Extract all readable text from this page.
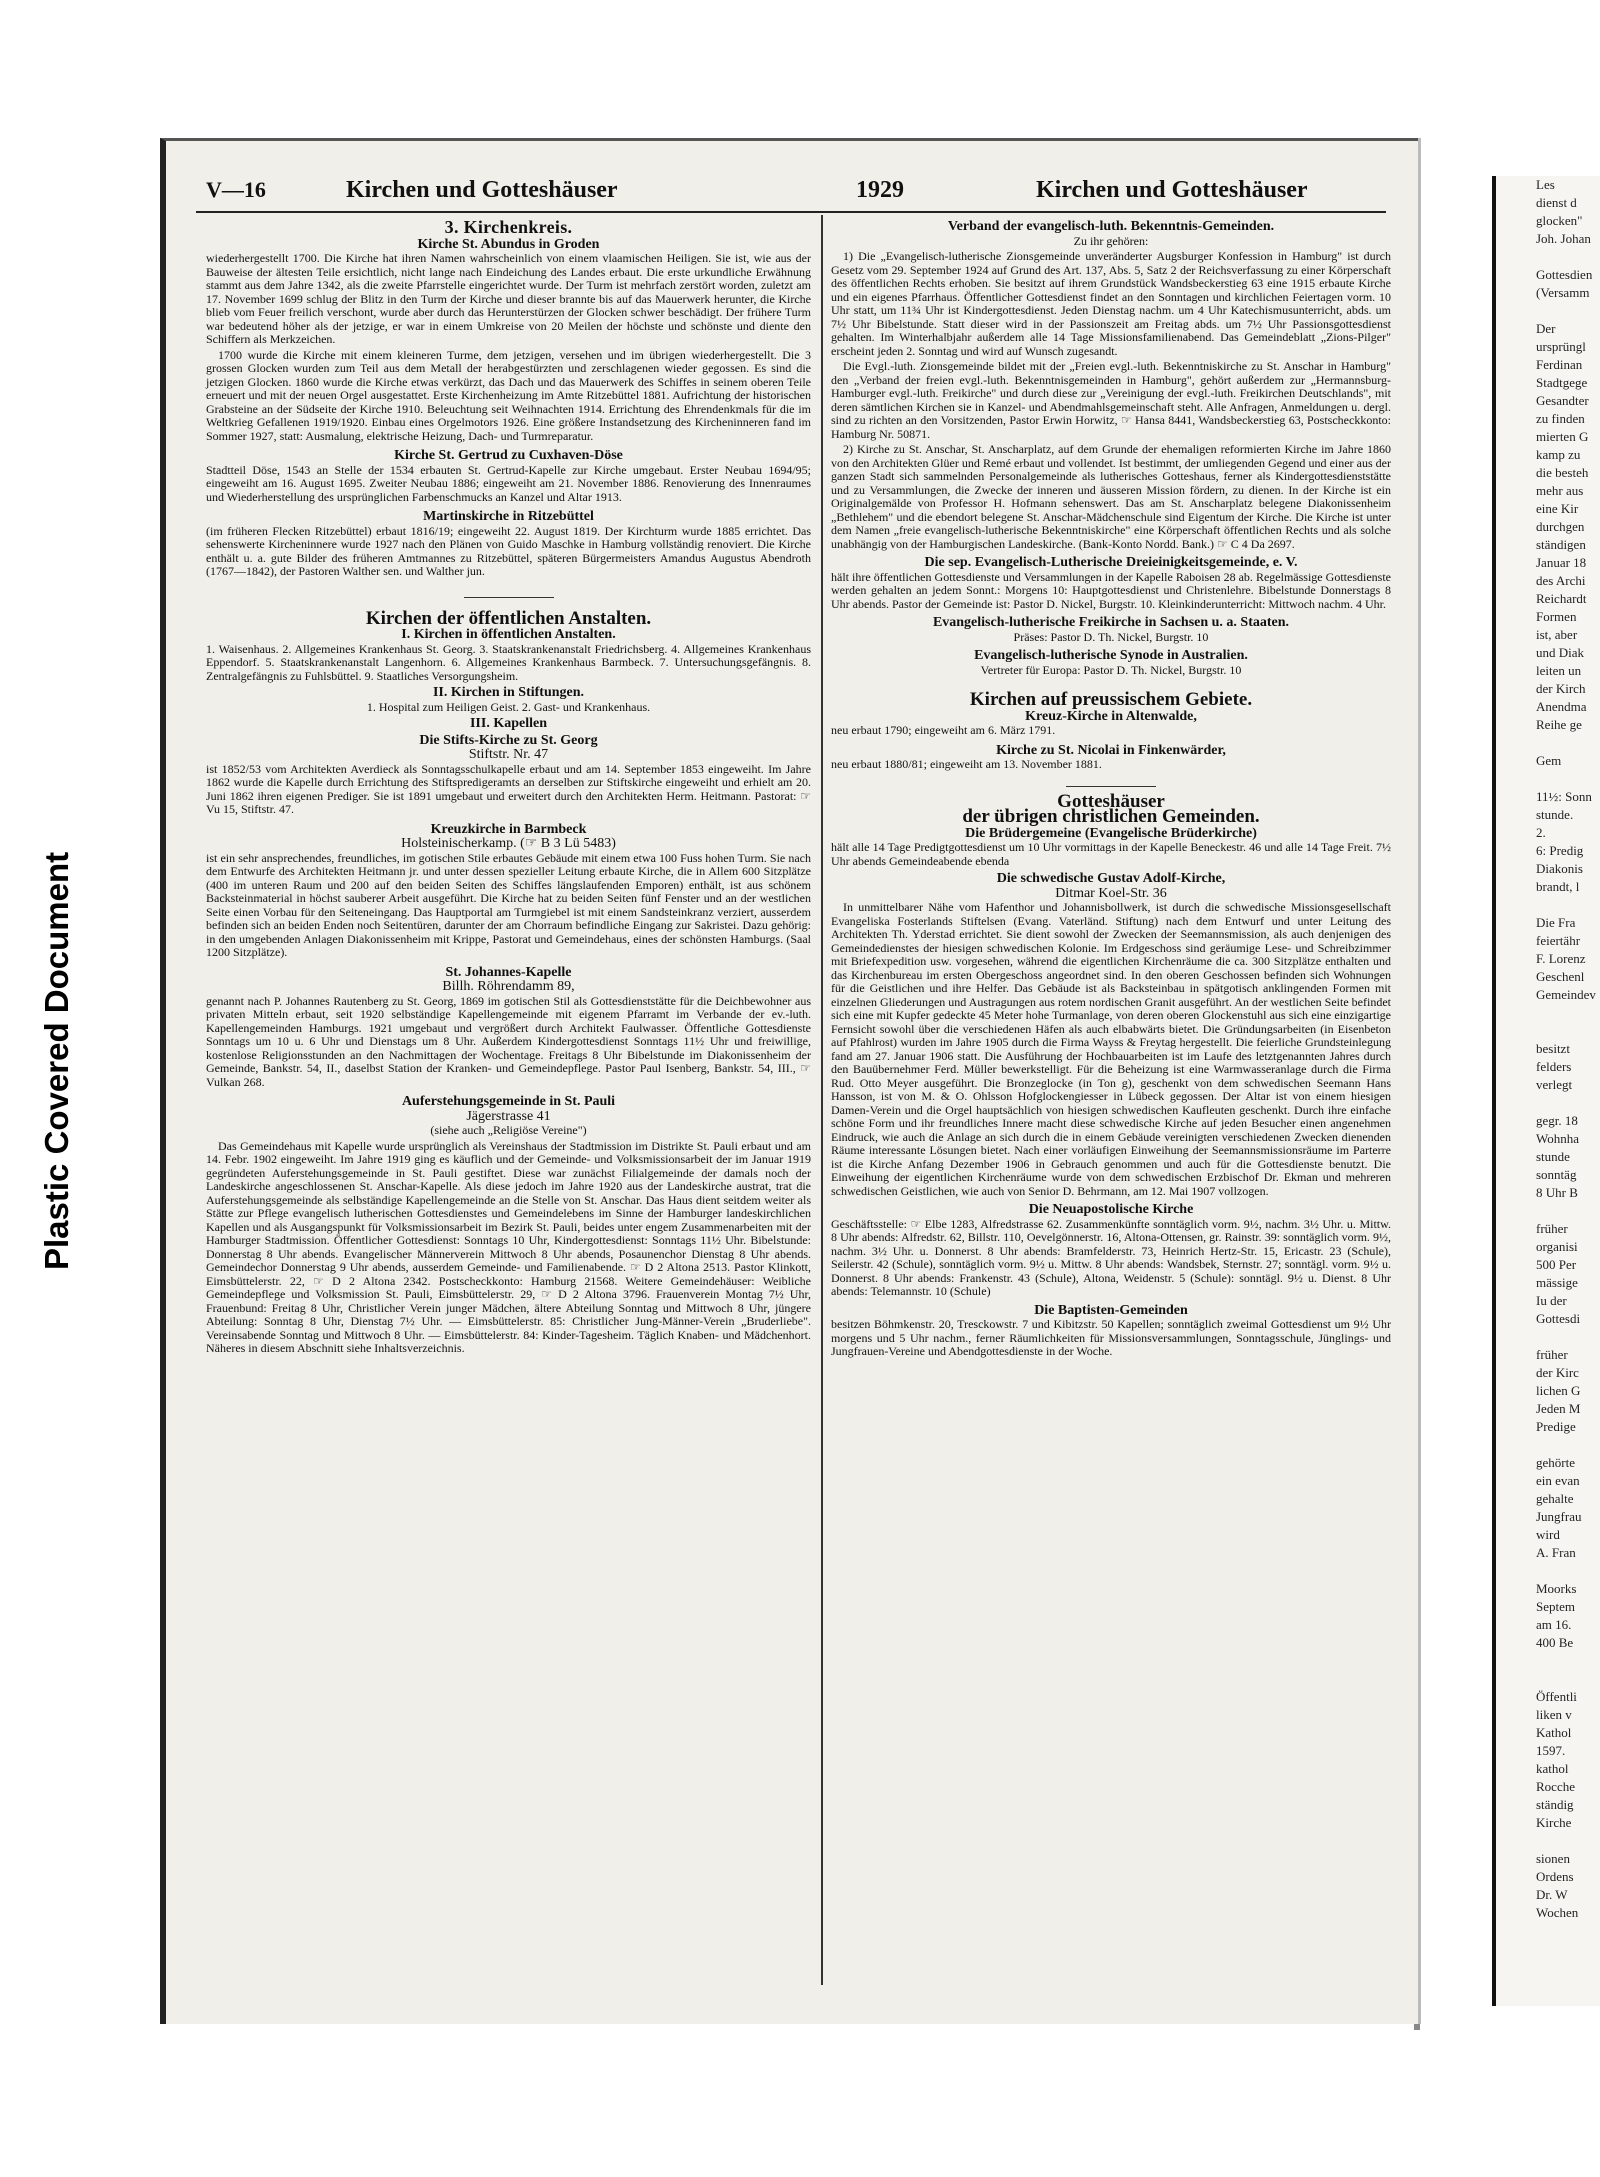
Plastic Covered Document
Les
dienst d
glocken"
Joh. Johan

Gottesdien
(Versamm

Der
ursprüngl
Ferdinan
Stadtgege
Gesandter
zu finden
mierten G
kamp zu
die besteh
mehr aus
eine Kir
durchgen
ständigen
Januar 18
des Archi
Reichardt
Formen
ist, aber
und Diak
leiten un
der Kirch
Anendma
Reihe ge

Gem

11½: Sonn
stunde.
2.
6: Predig
Diakonis
brandt, l

Die Fra
feiertähr
F. Lorenz
Geschenl
Gemeindev

besitzt
felders
verlegt

gegr. 18
Wohnha
stunde
sonntäg
8 Uhr B

früher
organisi
500 Per
mässige
Iu der
Gottesdi

früher
der Kirc
lichen G
Jeden M
Predige

gehörte
ein evan
gehalte
Jungfrau
wird
A. Fran

Moorks
Septem
am 16.
400 Be

Öffentli
liken v
Kathol
1597.
kathol
Rocche
ständig
Kirche

sionen
Ordens
Dr. W
Wochen
V—16	Kirchen und Gotteshäuser	1929	Kirchen und Gotteshäuser
3. Kirchenkreis.
Kirche St. Abundus in Groden

wiederhergestellt 1700. Die Kirche hat ihren Namen wahrscheinlich von einem vlaamischen Heiligen. Sie ist, wie aus der Bauweise der ältesten Teile ersichtlich, nicht lange nach Eindeichung des Landes erbaut. Die erste urkundliche Erwähnung stammt aus dem Jahre 1342, als die zweite Pfarrstelle eingerichtet wurde. Der Turm ist mehrfach zerstört worden, zuletzt am 17. November 1699 schlug der Blitz in den Turm der Kirche und dieser brannte bis auf das Mauerwerk herunter, die Kirche blieb vom Feuer freilich verschont, wurde aber durch das Herunterstürzen der Glocken schwer beschädigt. Der frühere Turm war bedeutend höher als der jetzige, er war in einem Umkreise von 20 Meilen der höchste und schönste und diente den Schiffern als Merkzeichen.

1700 wurde die Kirche mit einem kleineren Turme, dem jetzigen, versehen und im übrigen wiederhergestellt. Die 3 grossen Glocken wurden zum Teil aus dem Metall der herabgestürzten und zerschlagenen wieder gegossen. Es sind die jetzigen Glocken. 1860 wurde die Kirche etwas verkürzt, das Dach und das Mauerwerk des Schiffes in seinem oberen Teile erneuert und mit der neuen Orgel ausgestattet. Erste Kirchenheizung im Amte Ritzebüttel 1881. Aufrichtung der historischen Grabsteine an der Südseite der Kirche 1910. Beleuchtung seit Weihnachten 1914. Errichtung des Ehrendenkmals für die im Weltkrieg Gefallenen 1919/1920. Einbau eines Orgelmotors 1926. Eine größere Instandsetzung des Kircheninneren fand im Sommer 1927, statt: Ausmalung, elektrische Heizung, Dach- und Turmreparatur.

Kirche St. Gertrud zu Cuxhaven-Döse

Stadtteil Döse, 1543 an Stelle der 1534 erbauten St. Gertrud-Kapelle zur Kirche umgebaut. Erster Neubau 1694/95; eingeweiht am 16. August 1695. Zweiter Neubau 1886; eingeweiht am 21. November 1886. Renovierung des Innenraumes und Wiederherstellung des ursprünglichen Farbenschmucks an Kanzel und Altar 1913.

Martinskirche in Ritzebüttel

(im früheren Flecken Ritzebüttel) erbaut 1816/19; eingeweiht 22. August 1819. Der Kirchturm wurde 1885 errichtet. Das sehenswerte Kircheninnere wurde 1927 nach den Plänen von Guido Maschke in Hamburg vollständig renoviert. Die Kirche enthält u. a. gute Bilder des früheren Amtmannes zu Ritzebüttel, späteren Bürgermeisters Amandus Augustus Abendroth (1767—1842), der Pastoren Walther sen. und Walther jun.

Kirchen der öffentlichen Anstalten.
I. Kirchen in öffentlichen Anstalten.

1. Waisenhaus. 2. Allgemeines Krankenhaus St. Georg. 3. Staatskrankenanstalt Friedrichsberg. 4. Allgemeines Krankenhaus Eppendorf. 5. Staatskrankenanstalt Langenhorn. 6. Allgemeines Krankenhaus Barmbeck. 7. Untersuchungsgefängnis. 8. Zentralgefängnis zu Fuhlsbüttel. 9. Staatliches Versorgungsheim.

II. Kirchen in Stiftungen.

1. Hospital zum Heiligen Geist. 2. Gast- und Krankenhaus.

III. Kapellen
Die Stifts-Kirche zu St. Georg
Stiftstr. Nr. 47

ist 1852/53 vom Architekten Averdieck als Sonntagsschulkapelle erbaut und am 14. September 1853 eingeweiht. Im Jahre 1862 wurde die Kapelle durch Errichtung des Stiftspredigeramts an derselben zur Stiftskirche eingeweiht und erhielt am 20. Juni 1862 ihren eigenen Prediger. Sie ist 1891 umgebaut und erweitert durch den Architekten Herm. Heitmann. Pastorat: ☞ Vu 15, Stiftstr. 47.

Kreuzkirche in Barmbeck
Holsteinischerkamp. (☞ B 3 Lü 5483)

ist ein sehr ansprechendes, freundliches, im gotischen Stile erbautes Gebäude mit einem etwa 100 Fuss hohen Turm. Sie nach dem Entwurfe des Architekten Heitmann jr. und unter dessen spezieller Leitung erbaute Kirche, die in Allem 600 Sitzplätze (400 im unteren Raum und 200 auf den beiden Seiten des Schiffes längslaufenden Emporen) enthält, ist aus schönem Backsteinmaterial in höchst sauberer Arbeit ausgeführt. Die Kirche hat zu beiden Seiten fünf Fenster und an der westlichen Seite einen Vorbau für den Seiteneingang. Das Hauptportal am Turmgiebel ist mit einem Sandsteinkranz verziert, ausserdem befinden sich an beiden Enden noch Seitentüren, darunter der am Chorraum befindliche Eingang zur Sakristei. Dazu gehörig: in den umgebenden Anlagen Diakonissenheim mit Krippe, Pastorat und Gemeindehaus, eines der schönsten Hamburgs. (Saal 1200 Sitzplätze).

St. Johannes-Kapelle
Billh. Röhrendamm 89,

genannt nach P. Johannes Rautenberg zu St. Georg, 1869 im gotischen Stil als Gottesdienststätte für die Deichbewohner aus privaten Mitteln erbaut, seit 1920 selbständige Kapellengemeinde mit eigenem Pfarramt im Verbande der ev.-luth. Kapellengemeinden Hamburgs. 1921 umgebaut und vergrößert durch Architekt Faulwasser. Öffentliche Gottesdienste Sonntags um 10 u. 6 Uhr und Dienstags um 8 Uhr. Außerdem Kindergottesdienst Sonntags 11½ Uhr und freiwillige, kostenlose Religionsstunden an den Nachmittagen der Wochentage. Freitags 8 Uhr Bibelstunde im Diakonissenheim der Gemeinde, Bankstr. 54, II., daselbst Station der Kranken- und Gemeindepflege. Pastor Paul Isenberg, Bankstr. 54, III., ☞ Vulkan 268.

Auferstehungsgemeinde in St. Pauli
Jägerstrasse 41
(siehe auch „Religiöse Vereine")

Das Gemeindehaus mit Kapelle wurde ursprünglich als Vereinshaus der Stadtmission im Distrikte St. Pauli erbaut und am 14. Febr. 1902 eingeweiht. Im Jahre 1919 ging es käuflich und der Gemeinde- und Volksmissionsarbeit der im Januar 1919 gegründeten Auferstehungsgemeinde in St. Pauli gestiftet. Diese war zunächst Filialgemeinde der damals noch der Landeskirche angeschlossenen St. Anschar-Kapelle. Als diese jedoch im Jahre 1920 aus der Landeskirche austrat, trat die Auferstehungsgemeinde als selbständige Kapellengemeinde an die Stelle von St. Anschar. Das Haus dient seitdem weiter als Stätte zur Pflege evangelisch lutherischen Gottesdienstes und Gemeindelebens im Sinne der Hamburger landeskirchlichen Kapellen und als Ausgangspunkt für Volksmissionsarbeit im Bezirk St. Pauli, beides unter engem Zusammenarbeiten mit der Hamburger Stadtmission. Öffentlicher Gottesdienst: Sonntags 10 Uhr, Kindergottesdienst: Sonntags 11½ Uhr. Bibelstunde: Donnerstag 8 Uhr abends. Evangelischer Männerverein Mittwoch 8 Uhr abends, Posaunenchor Dienstag 8 Uhr abends. Gemeindechor Donnerstag 9 Uhr abends, ausserdem Gemeinde- und Familienabende. ☞ D 2 Altona 2513. Pastor Klinkott, Eimsbüttelerstr. 22, ☞ D 2 Altona 2342. Postscheckkonto: Hamburg 21568. Weitere Gemeindehäuser: Weibliche Gemeindepflege und Volksmission St. Pauli, Eimsbüttelerstr. 29, ☞ D 2 Altona 3796. Frauenverein Montag 7½ Uhr, Frauenbund: Freitag 8 Uhr, Christlicher Verein junger Mädchen, ältere Abteilung Sonntag und Mittwoch 8 Uhr, jüngere Abteilung: Sonntag 8 Uhr, Dienstag 7½ Uhr. — Eimsbüttelerstr. 85: Christlicher Jung-Männer-Verein „Bruderliebe". Vereinsabende Sonntag und Mittwoch 8 Uhr. — Eimsbüttelerstr. 84: Kinder-Tagesheim. Täglich Knaben- und Mädchenhort. Näheres in diesem Abschnitt siehe Inhaltsverzeichnis.

Verband der evangelisch-luth. Bekenntnis-Gemeinden.
Zu ihr gehören:

1) Die „Evangelisch-lutherische Zionsgemeinde unveränderter Augsburger Konfession in Hamburg" ist durch Gesetz vom 29. September 1924 auf Grund des Art. 137, Abs. 5, Satz 2 der Reichsverfassung zu einer Körperschaft des öffentlichen Rechts erhoben. Sie besitzt auf ihrem Grundstück Wandsbeckerstieg 63 eine 1915 erbaute Kirche und ein eigenes Pfarrhaus. Öffentlicher Gottesdienst findet an den Sonntagen und kirchlichen Feiertagen vorm. 10 Uhr statt, um 11¾ Uhr ist Kindergottesdienst. Jeden Dienstag nachm. um 4 Uhr Katechismusunterricht, abds. um 7½ Uhr Bibelstunde. Statt dieser wird in der Passionszeit am Freitag abds. um 7½ Uhr Passionsgottesdienst gehalten. Im Winterhalbjahr außerdem alle 14 Tage Missionsfamilienabend. Das Gemeindeblatt „Zions-Pilger" erscheint jeden 2. Sonntag und wird auf Wunsch zugesandt.

Die Evgl.-luth. Zionsgemeinde bildet mit der „Freien evgl.-luth. Bekenntniskirche zu St. Anschar in Hamburg" den „Verband der freien evgl.-luth. Bekenntnisgemeinden in Hamburg", gehört außerdem zur „Hermannsburg-Hamburger evgl.-luth. Freikirche" und durch diese zur „Vereinigung der evgl.-luth. Freikirchen Deutschlands", mit deren sämtlichen Kirchen sie in Kanzel- und Abendmahlsgemeinschaft steht. Alle Anfragen, Anmeldungen u. dergl. sind zu richten an den Vorsitzenden, Pastor Erwin Horwitz, ☞ Hansa 8441, Wandsbeckerstieg 63, Postscheckkonto: Hamburg Nr. 50871.

2) Kirche zu St. Anschar, St. Anscharplatz, auf dem Grunde der ehemaligen reformierten Kirche im Jahre 1860 von den Architekten Glüer und Remé erbaut und vollendet. Ist bestimmt, der umliegenden Gegend und einer aus der ganzen Stadt sich sammelnden Personalgemeinde als lutherisches Gotteshaus, ferner als Kindergottesdienststätte und zu Versammlungen, die Zwecke der inneren und äusseren Mission fördern, zu dienen. In der Kirche ist ein Originalgemälde von Professor H. Hofmann sehenswert. Das am St. Anscharplatz belegene Diakonissenheim „Bethlehem" und die ebendort belegene St. Anschar-Mädchenschule sind Eigentum der Kirche. Die Kirche ist unter dem Namen „freie evangelisch-lutherische Bekenntniskirche" eine Körperschaft öffentlichen Rechts und als solche unabhängig von der Hamburgischen Landeskirche. (Bank-Konto Nordd. Bank.) ☞ C 4 Da 2697.

Die sep. Evangelisch-Lutherische Dreieinigkeitsgemeinde, e. V.

hält ihre öffentlichen Gottesdienste und Versammlungen in der Kapelle Raboisen 28 ab. Regelmässige Gottesdienste werden gehalten an jedem Sonnt.: Morgens 10: Hauptgottesdienst und Christenlehre. Bibelstunde Donnerstags 8 Uhr abends. Pastor der Gemeinde ist: Pastor D. Nickel, Burgstr. 10. Kleinkinderunterricht: Mittwoch nachm. 4 Uhr.

Evangelisch-lutherische Freikirche in Sachsen u. a. Staaten.

Präses: Pastor D. Th. Nickel, Burgstr. 10

Evangelisch-lutherische Synode in Australien.

Vertreter für Europa: Pastor D. Th. Nickel, Burgstr. 10

Kirchen auf preussischem Gebiete.
Kreuz-Kirche in Altenwalde,

neu erbaut 1790; eingeweiht am 6. März 1791.

Kirche zu St. Nicolai in Finkenwärder,

neu erbaut 1880/81; eingeweiht am 13. November 1881.

Gotteshäuser
der übrigen christlichen Gemeinden.
Die Brüdergemeine (Evangelische Brüderkirche)

hält alle 14 Tage Predigtgottesdienst um 10 Uhr vormittags in der Kapelle Beneckestr. 46 und alle 14 Tage Freit. 7½ Uhr abends Gemeindeabende ebenda

Die schwedische Gustav Adolf-Kirche,
Ditmar Koel-Str. 36

In unmittelbarer Nähe vom Hafenthor und Johannisbollwerk, ist durch die schwedische Missionsgesellschaft Evangeliska Fosterlands Stiftelsen (Evang. Vaterländ. Stiftung) nach dem Entwurf und unter Leitung des Architekten Th. Yderstad errichtet. Sie dient sowohl der Zwecken der Seemannsmission, als auch denjenigen des Gemeindedienstes der hiesigen schwedischen Kolonie. Im Erdgeschoss sind geräumige Lese- und Schreibzimmer mit Briefexpedition usw. vorgesehen, während die eigentlichen Kirchenräume die ca. 300 Sitzplätze enthalten und das Kirchenbureau im ersten Obergeschoss angeordnet sind. In den oberen Geschossen befinden sich Wohnungen für die Geistlichen und ihre Helfer. Das Gebäude ist als Backsteinbau in spätgotisch anklingenden Formen mit einzelnen Gliederungen und Austragungen aus rotem nordischen Granit ausgeführt. An der westlichen Seite befindet sich eine mit Kupfer gedeckte 45 Meter hohe Turmanlage, von deren oberen Glockenstuhl aus sich eine einzigartige Fernsicht sowohl über die verschiedenen Häfen als auch elbabwärts bietet. Die Gründungsarbeiten (in Eisenbeton auf Pfahlrost) wurden im Jahre 1905 durch die Firma Wayss & Freytag hergestellt. Die feierliche Grundsteinlegung fand am 27. Januar 1906 statt. Die Ausführung der Hochbauarbeiten ist im Laufe des letztgenannten Jahres durch den Bauübernehmer Ferd. Müller bewerkstelligt. Für die Beheizung ist eine Warmwasseranlage durch die Firma Rud. Otto Meyer ausgeführt. Die Bronzeglocke (in Ton g), geschenkt von dem schwedischen Seemann Hans Hansson, ist von M. & O. Ohlsson Hofglockengiesser in Lübeck gegossen. Der Altar ist von einem hiesigen Damen-Verein und die Orgel hauptsächlich von hiesigen schwedischen Kaufleuten geschenkt. Durch ihre einfache schöne Form und ihr freundliches Innere macht diese schwedische Kirche auf jeden Besucher einen angenehmen Eindruck, wie auch die Anlage an sich durch die in einem Gebäude vereinigten verschiedenen Zwecken dienenden Räume interessante Lösungen bietet. Nach einer vorläufigen Einweihung der Seemannsmissionsräume im Parterre ist die Kirche Anfang Dezember 1906 in Gebrauch genommen und auch für die Gottesdienste benutzt. Die Einweihung der eigentlichen Kirchenräume wurde von dem schwedischen Erzbischof Dr. Ekman und mehreren schwedischen Geistlichen, wie auch von Senior D. Behrmann, am 12. Mai 1907 vollzogen.

Die Neuapostolische Kirche

Geschäftsstelle: ☞ Elbe 1283, Alfredstrasse 62. Zusammenkünfte sonntäglich vorm. 9½, nachm. 3½ Uhr. u. Mittw. 8 Uhr abends: Alfredstr. 62, Billstr. 110, Oevelgönnerstr. 16, Altona-Ottensen, gr. Rainstr. 39: sonntäglich vorm. 9½, nachm. 3½ Uhr. u. Donnerst. 8 Uhr abends: Bramfelderstr. 73, Heinrich Hertz-Str. 15, Ericastr. 23 (Schule), Seilerstr. 42 (Schule), sonntäglich vorm. 9½ u. Mittw. 8 Uhr abends: Wandsbek, Sternstr. 27; sonntägl. vorm. 9½ u. Donnerst. 8 Uhr abends: Frankenstr. 43 (Schule), Altona, Weidenstr. 5 (Schule): sonntägl. 9½ u. Dienst. 8 Uhr abends: Telemannstr. 10 (Schule)

Die Baptisten-Gemeinden

besitzen Böhmkenstr. 20, Tresckowstr. 7 und Kibitzstr. 50 Kapellen; sonntäglich zweimal Gottesdienst um 9½ Uhr morgens und 5 Uhr nachm., ferner Räumlichkeiten für Missionsversammlungen, Sonntagsschule, Jünglings- und Jungfrauen-Vereine und Abendgottesdienste in der Woche.
